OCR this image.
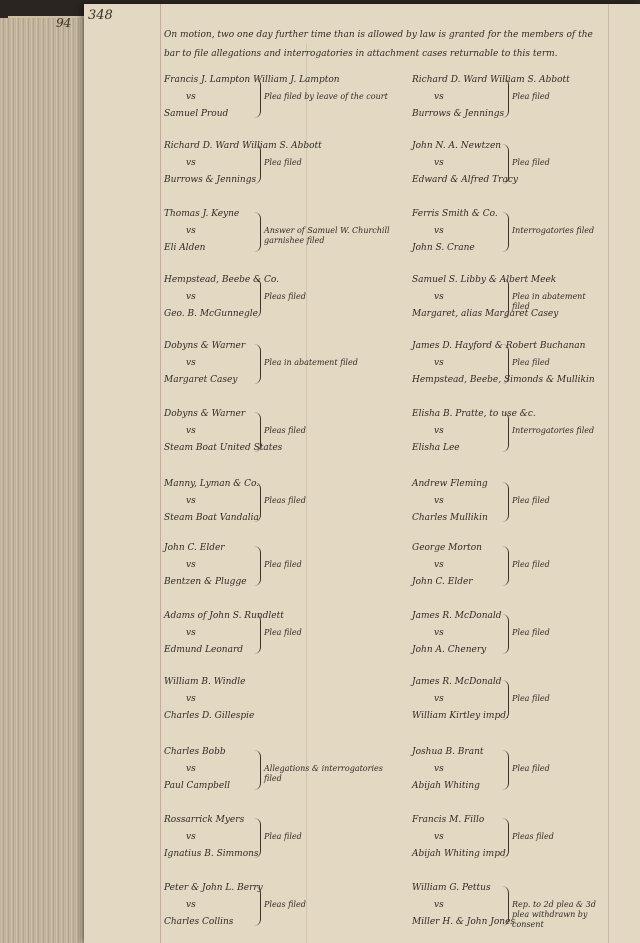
348
94
On motion, two one day further time than is allowed by law is granted for the members of the bar to file allegations and interrogatories in attachment cases returnable to this term.
Francis J. Lampton William J. Lampton
vs
Samuel Proud
Plea filed by leave of the court
Richard D. Ward William S. Abbott
vs
Burrows & Jennings
Plea filed
Thomas J. Keyne
vs
Eli Alden
Answer of Samuel W. Churchill garnishee filed
Hempstead, Beebe & Co.
vs
Geo. B. McGunnegle
Pleas filed
Dobyns & Warner
vs
Margaret Casey
Plea in abatement filed
Dobyns & Warner
vs
Steam Boat United States
Pleas filed
Manny, Lyman & Co.
vs
Steam Boat Vandalia
Pleas filed
John C. Elder
vs
Bentzen & Plugge
Plea filed
Adams of John S. Rundlett
vs
Edmund Leonard
Plea filed
William B. Windle
vs
Charles D. Gillespie
Charles Bobb
vs
Paul Campbell
Allegations & interrogatories filed
Rossarrick Myers
vs
Ignatius B. Simmons
Plea filed
Peter & John L. Berry
vs
Charles Collins
Pleas filed
Richard D. Ward William S. Abbott
vs
Burrows & Jennings
Plea filed
John N. A. Newtzen
vs
Edward & Alfred Tracy
Plea filed
Ferris Smith & Co.
vs
John S. Crane
Interrogatories filed
Samuel S. Libby & Albert Meek
vs
Margaret, alias Margaret Casey
Plea in abatement filed
James D. Hayford & Robert Buchanan
vs
Hempstead, Beebe, Simonds & Mullikin
Plea filed
Elisha B. Pratte, to use &c.
vs
Elisha Lee
Interrogatories filed
Andrew Fleming
vs
Charles Mullikin
Plea filed
George Morton
vs
John C. Elder
Plea filed
James R. McDonald
vs
John A. Chenery
Plea filed
James R. McDonald
vs
William Kirtley impd.
Plea filed
Joshua B. Brant
vs
Abijah Whiting
Plea filed
Francis M. Fillo
vs
Abijah Whiting impd.
Pleas filed
William G. Pettus
vs
Miller H. & John Jones
Rep. to 2d plea & 3d plea withdrawn by consent
